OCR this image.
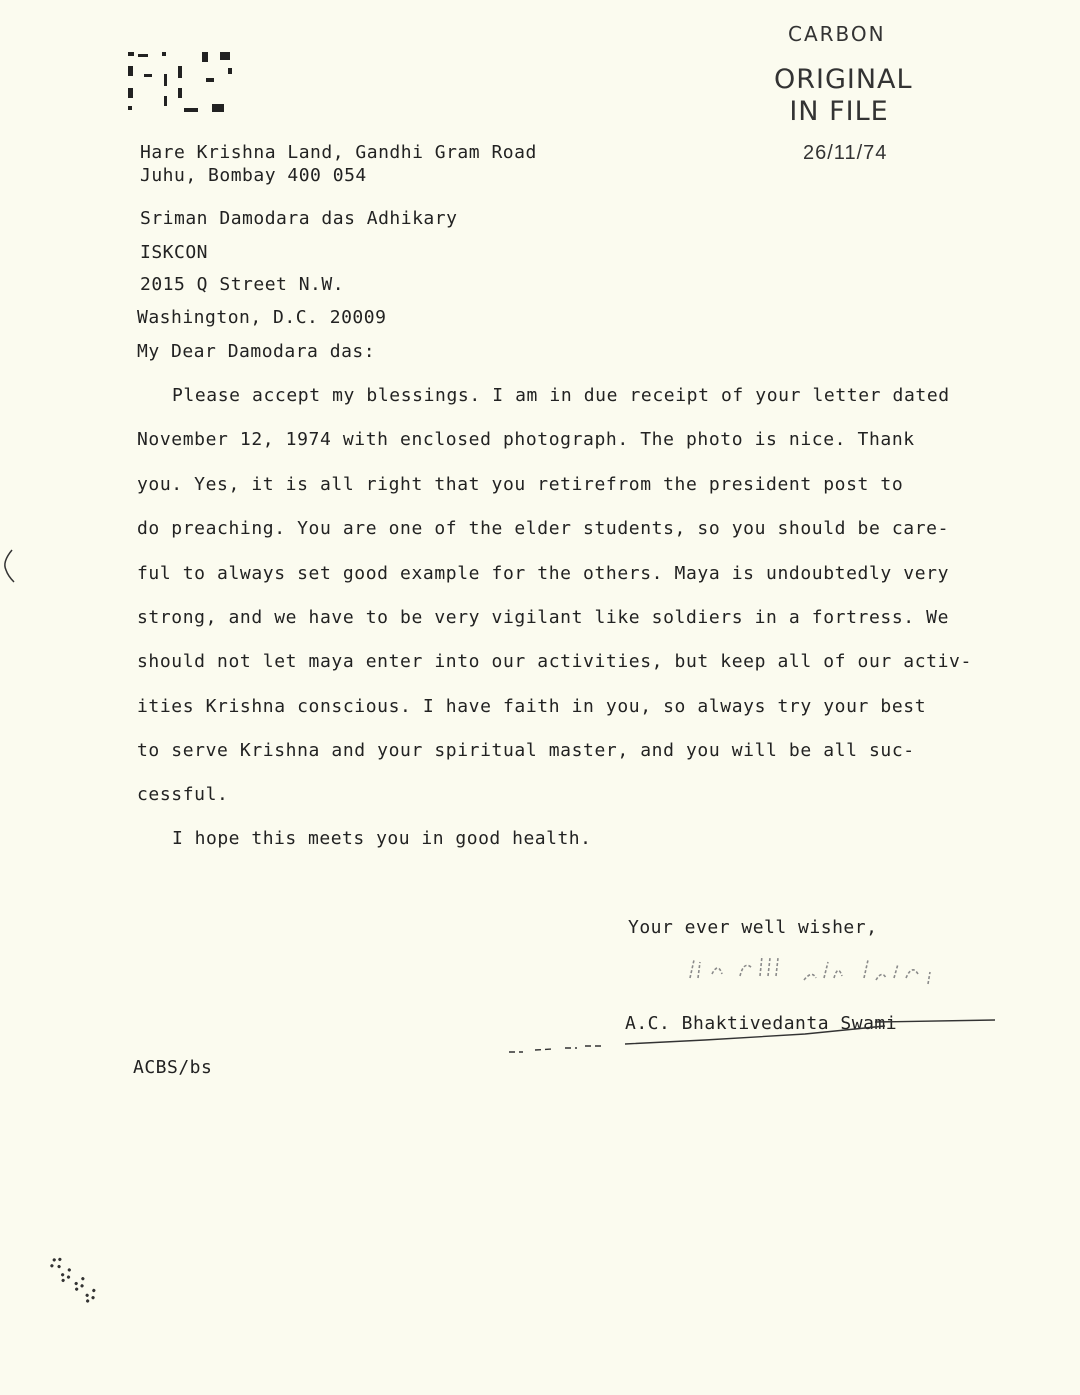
CARBON
ORIGINAL
IN FILE
26/11/74
Hare Krishna Land, Gandhi Gram Road
Juhu, Bombay 400 054
Sriman Damodara das Adhikary
ISKCON
2015 Q Street N.W.
Washington, D.C. 20009
My Dear Damodara das:
Please accept my blessings. I am in due receipt of your letter dated
November 12, 1974 with enclosed photograph. The photo is nice. Thank
you. Yes, it is all right that you retirefrom the president post to
do preaching. You are one of the elder students, so you should be care-
ful to always set good example for the others. Maya is undoubtedly very
strong, and we have to be very vigilant like soldiers in a fortress. We
should not let maya enter into our activities, but keep all of our activ-
ities Krishna conscious. I have faith in you, so always try your best
to serve Krishna and your spiritual master, and you will be all suc-
cessful.
I hope this meets you in good health.
Your ever well wisher,
A.C. Bhaktivedanta Swami
ACBS/bs
